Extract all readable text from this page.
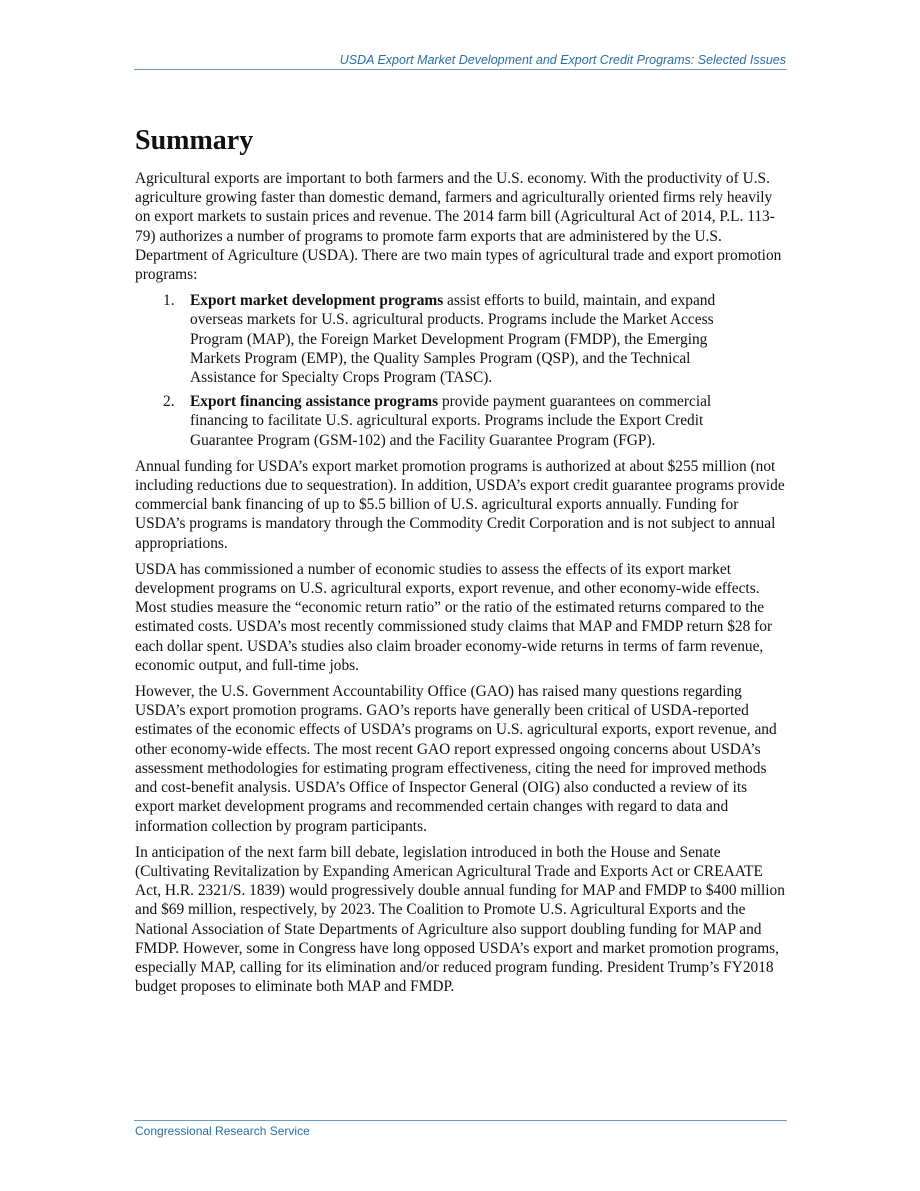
USDA Export Market Development and Export Credit Programs: Selected Issues
Summary

Agricultural exports are important to both farmers and the U.S. economy. With the productivity of U.S. agriculture growing faster than domestic demand, farmers and agriculturally oriented firms rely heavily on export markets to sustain prices and revenue. The 2014 farm bill (Agricultural Act of 2014, P.L. 113-79) authorizes a number of programs to promote farm exports that are administered by the U.S. Department of Agriculture (USDA). There are two main types of agricultural trade and export promotion programs:

1. Export market development programs assist efforts to build, maintain, and expand overseas markets for U.S. agricultural products. Programs include the Market Access Program (MAP), the Foreign Market Development Program (FMDP), the Emerging Markets Program (EMP), the Quality Samples Program (QSP), and the Technical Assistance for Specialty Crops Program (TASC).
2. Export financing assistance programs provide payment guarantees on commercial financing to facilitate U.S. agricultural exports. Programs include the Export Credit Guarantee Program (GSM-102) and the Facility Guarantee Program (FGP).

Annual funding for USDA’s export market promotion programs is authorized at about $255 million (not including reductions due to sequestration). In addition, USDA’s export credit guarantee programs provide commercial bank financing of up to $5.5 billion of U.S. agricultural exports annually. Funding for USDA’s programs is mandatory through the Commodity Credit Corporation and is not subject to annual appropriations.

USDA has commissioned a number of economic studies to assess the effects of its export market development programs on U.S. agricultural exports, export revenue, and other economy-wide effects. Most studies measure the “economic return ratio” or the ratio of the estimated returns compared to the estimated costs. USDA’s most recently commissioned study claims that MAP and FMDP return $28 for each dollar spent. USDA’s studies also claim broader economy-wide returns in terms of farm revenue, economic output, and full-time jobs.

However, the U.S. Government Accountability Office (GAO) has raised many questions regarding USDA’s export promotion programs. GAO’s reports have generally been critical of USDA-reported estimates of the economic effects of USDA’s programs on U.S. agricultural exports, export revenue, and other economy-wide effects. The most recent GAO report expressed ongoing concerns about USDA’s assessment methodologies for estimating program effectiveness, citing the need for improved methods and cost-benefit analysis. USDA’s Office of Inspector General (OIG) also conducted a review of its export market development programs and recommended certain changes with regard to data and information collection by program participants.

In anticipation of the next farm bill debate, legislation introduced in both the House and Senate (Cultivating Revitalization by Expanding American Agricultural Trade and Exports Act or CREAATE Act, H.R. 2321/S. 1839) would progressively double annual funding for MAP and FMDP to $400 million and $69 million, respectively, by 2023. The Coalition to Promote U.S. Agricultural Exports and the National Association of State Departments of Agriculture also support doubling funding for MAP and FMDP. However, some in Congress have long opposed USDA’s export and market promotion programs, especially MAP, calling for its elimination and/or reduced program funding. President Trump’s FY2018 budget proposes to eliminate both MAP and FMDP.

Congressional Research Service
